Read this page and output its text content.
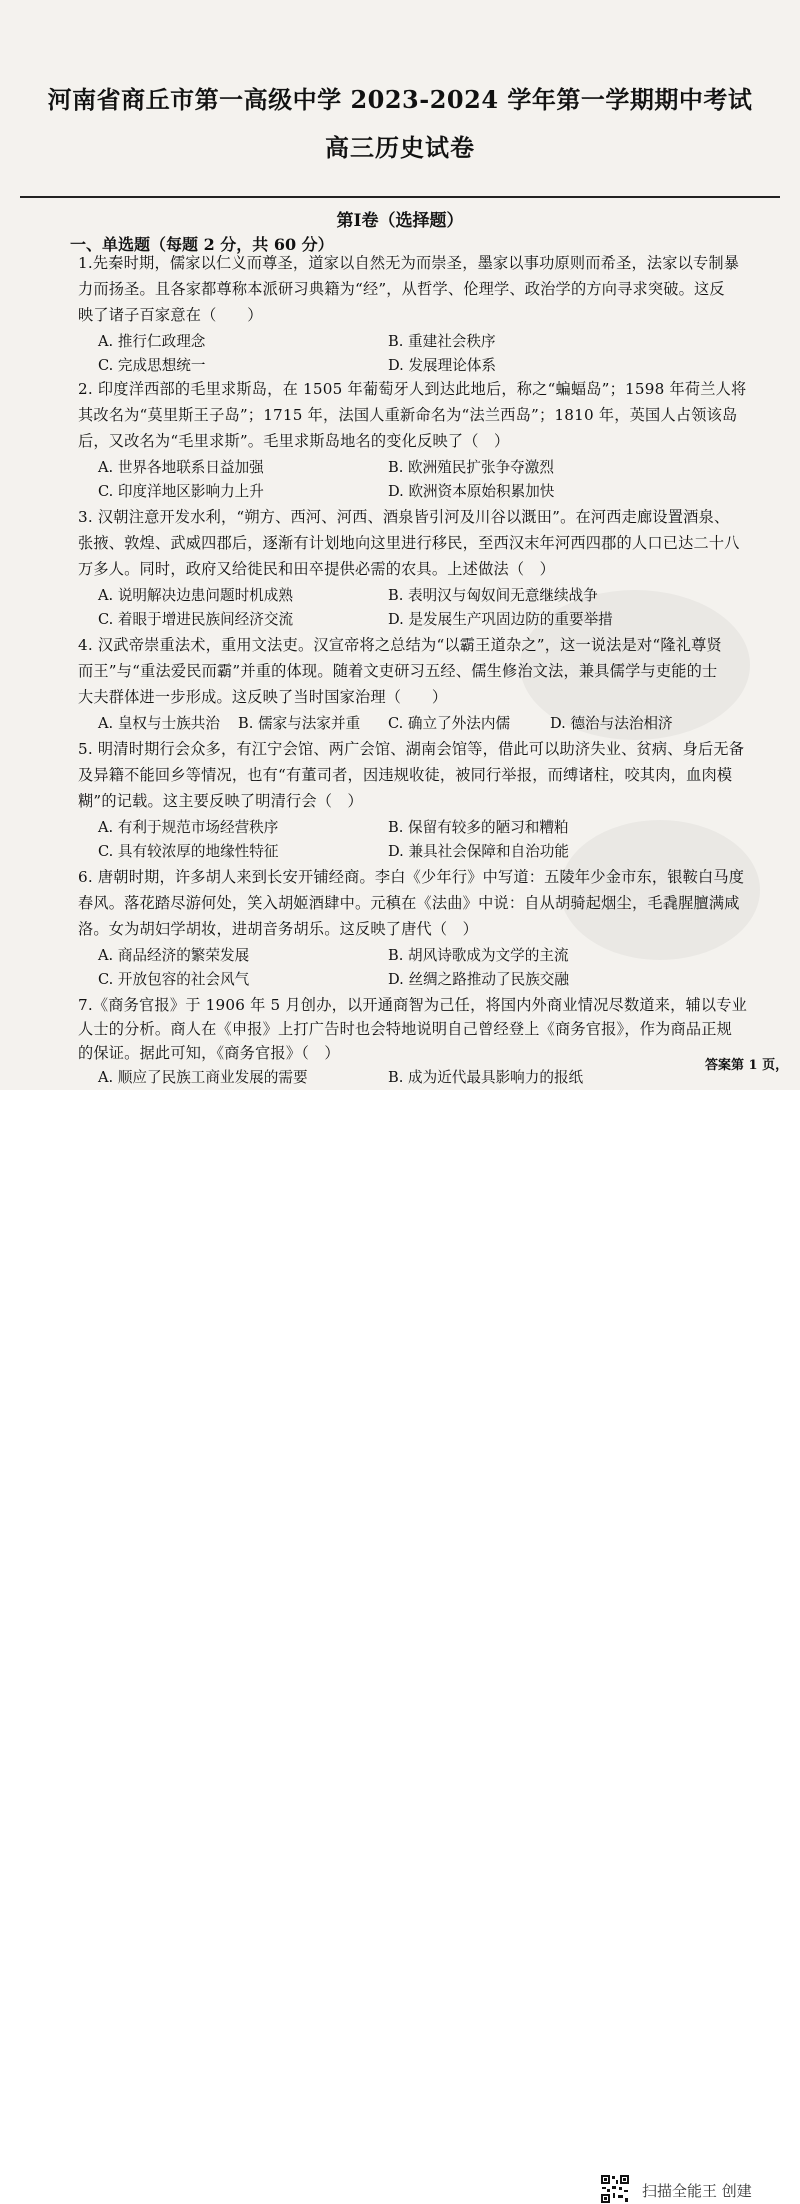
河南省商丘市第一高级中学 2023-2024 学年第一学期期中考试
高三历史试卷
第Ⅰ卷（选择题）
一、单选题（每题 2 分，共 60 分）
1.先秦时期，儒家以仁义而尊圣，道家以自然无为而崇圣，墨家以事功原则而希圣，法家以专制暴
力而扬圣。且各家都尊称本派研习典籍为“经”，从哲学、伦理学、政治学的方向寻求突破。这反
映了诸子百家意在（　　）
A. 推行仁政理念	B. 重建社会秩序
C. 完成思想统一	D. 发展理论体系
2. 印度洋西部的毛里求斯岛，在 1505 年葡萄牙人到达此地后，称之“蝙蝠岛”；1598 年荷兰人将
其改名为“莫里斯王子岛”；1715 年，法国人重新命名为“法兰西岛”；1810 年，英国人占领该岛
后，又改名为“毛里求斯”。毛里求斯岛地名的变化反映了（　）
A. 世界各地联系日益加强	B. 欧洲殖民扩张争夺激烈
C. 印度洋地区影响力上升	D. 欧洲资本原始积累加快
3. 汉朝注意开发水利，“朔方、西河、河西、酒泉皆引河及川谷以溉田”。在河西走廊设置酒泉、
张掖、敦煌、武威四郡后，逐渐有计划地向这里进行移民，至西汉末年河西四郡的人口已达二十八
万多人。同时，政府又给徙民和田卒提供必需的农具。上述做法（　）
A. 说明解决边患问题时机成熟	B. 表明汉与匈奴间无意继续战争
C. 着眼于增进民族间经济交流	D. 是发展生产巩固边防的重要举措
4. 汉武帝崇重法术，重用文法吏。汉宣帝将之总结为“以霸王道杂之”，这一说法是对“隆礼尊贤
而王”与“重法爱民而霸”并重的体现。随着文吏研习五经、儒生修治文法，兼具儒学与吏能的士
大夫群体进一步形成。这反映了当时国家治理（　　）
A. 皇权与士族共治 B. 儒家与法家并重 C. 确立了外法内儒	D. 德治与法治相济
5. 明清时期行会众多，有江宁会馆、两广会馆、湖南会馆等，借此可以助济失业、贫病、身后无备
及异籍不能回乡等情况，也有“有董司者，因违规收徒，被同行举报，而缚诸柱，咬其肉，血肉模
糊”的记载。这主要反映了明清行会（　）
A. 有利于规范市场经营秩序	B. 保留有较多的陋习和糟粕
C. 具有较浓厚的地缘性特征	D. 兼具社会保障和自治功能
6. 唐朝时期，许多胡人来到长安开铺经商。李白《少年行》中写道：五陵年少金市东，银鞍白马度
春风。落花踏尽游何处，笑入胡姬酒肆中。元稹在《法曲》中说：自从胡骑起烟尘，毛毳腥膻满咸
洛。女为胡妇学胡妆，进胡音务胡乐。这反映了唐代（　）
A. 商品经济的繁荣发展	B. 胡风诗歌成为文学的主流
C. 开放包容的社会风气	D. 丝绸之路推动了民族交融
7.《商务官报》于 1906 年 5 月创办，以开通商智为己任，将国内外商业情况尽数道来，辅以专业
人士的分析。商人在《申报》上打广告时也会特地说明自己曾经登上《商务官报》，作为商品正规
的保证。据此可知，《商务官报》（　）
A. 顺应了民族工商业发展的需要	B. 成为近代最具影响力的报纸
答案第 1 页，
扫描全能王 创建
